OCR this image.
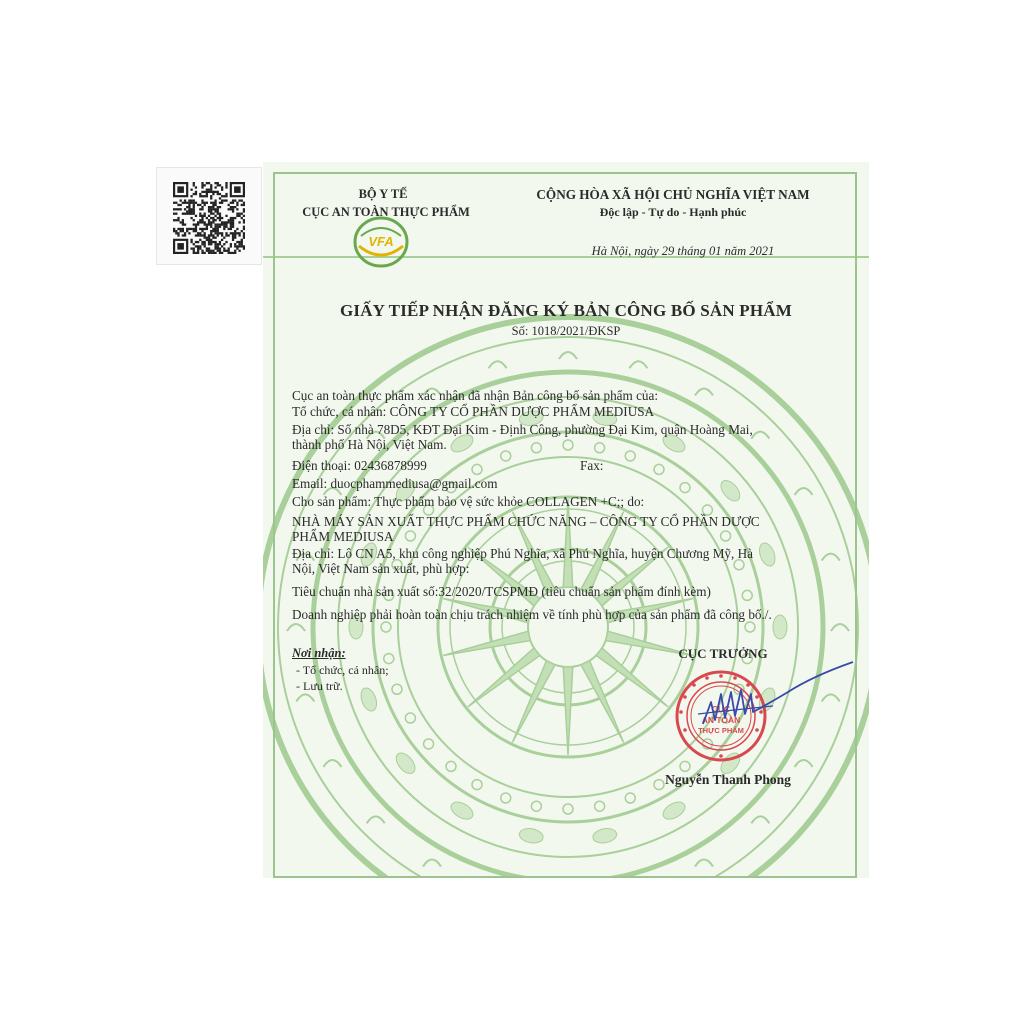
BỘ Y TẾ
CỤC AN TOÀN THỰC PHẨM
VFA
CỘNG HÒA XÃ HỘI CHỦ NGHĨA VIỆT NAM
Độc lập - Tự do - Hạnh phúc
Hà Nội, ngày 29 tháng 01 năm 2021
GIẤY TIẾP NHẬN ĐĂNG KÝ BẢN CÔNG BỐ SẢN PHẨM
Số: 1018/2021/ĐKSP
Cục an toàn thực phẩm xác nhận đã nhận Bản công bố sản phẩm của:
Tổ chức, cá nhân: CÔNG TY CỔ PHẦN DƯỢC PHẨM MEDIUSA
Địa chỉ: Số nhà 78D5, KĐT Đại Kim - Định Công, phường Đại Kim, quận Hoàng Mai,
thành phố Hà Nội, Việt Nam.
Điện thoại: 02436878999	Fax:
Email: duocphammediusa@gmail.com
Cho sản phẩm: Thực phẩm bảo vệ sức khỏe COLLAGEN +C;; do:
NHÀ MÁY SẢN XUẤT THỰC PHẨM CHỨC NĂNG – CÔNG TY CỔ PHẦN DƯỢC
PHẨM MEDIUSA
Địa chỉ: Lô CN A5, khu công nghiệp Phú Nghĩa, xã Phú Nghĩa, huyện Chương Mỹ, Hà
Nội, Việt Nam sản xuất, phù hợp:
Tiêu chuẩn nhà sản xuất số:32/2020/TCSPMĐ (tiêu chuẩn sản phẩm đính kèm)
Doanh nghiệp phải hoàn toàn chịu trách nhiệm về tính phù hợp của sản phẩm đã công bố./.
Nơi nhận:
- Tổ chức, cá nhân;
- Lưu trữ.
CỤC TRƯỞNG
CỤC
AN TOÀN
THỰC PHẨM
Nguyễn Thanh Phong
